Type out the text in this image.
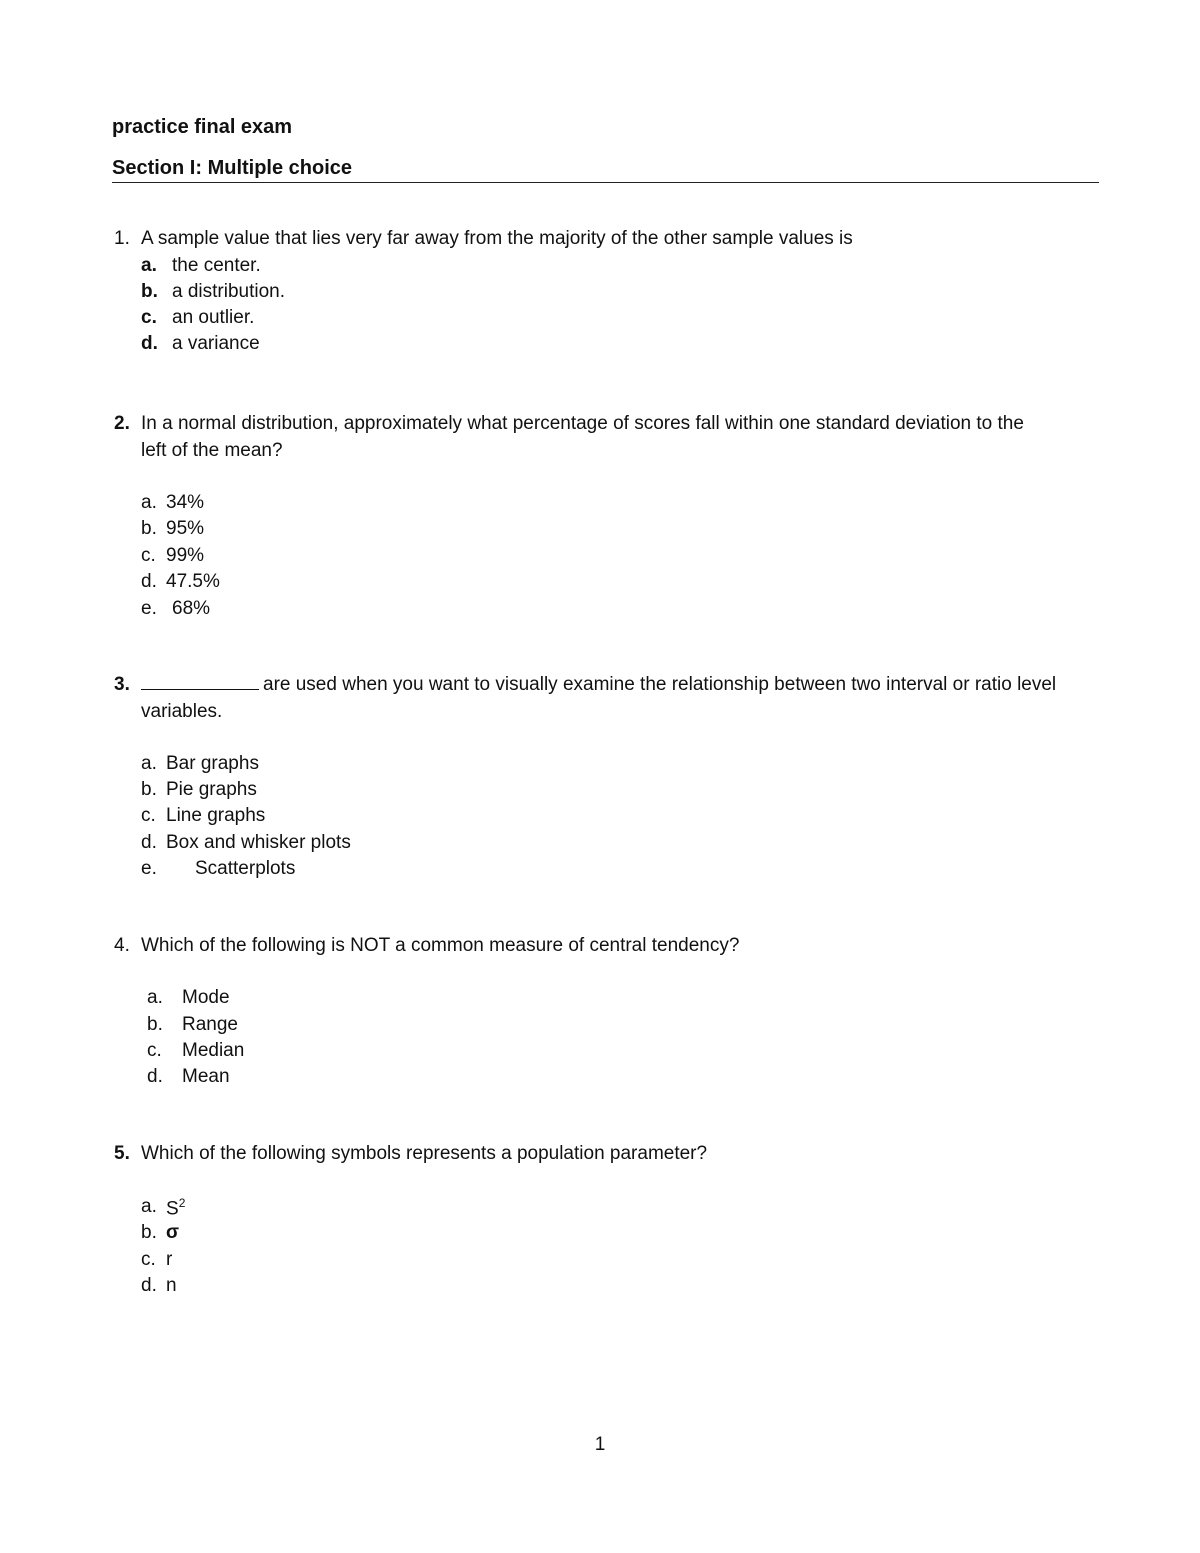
practice final exam
Section I: Multiple choice
1. A sample value that lies very far away from the majority of the other sample values is
a. the center.
b. a distribution.
c. an outlier.
d. a variance
2. In a normal distribution, approximately what percentage of scores fall within one standard deviation to the
left of the mean?
a. 34%
b. 95%
c. 99%
d. 47.5%
e. 68%
3.	are used when you want to visually examine the relationship between two interval or ratio level
variables.
a. Bar graphs
b. Pie graphs
c. Line graphs
d. Box and whisker plots
e. Scatterplots
4. Which of the following is NOT a common measure of central tendency?
a. Mode
b. Range
c. Median
d. Mean
5. Which of the following symbols represents a population parameter?
a. $S^2$
b. σ
c. r
d. n
1
